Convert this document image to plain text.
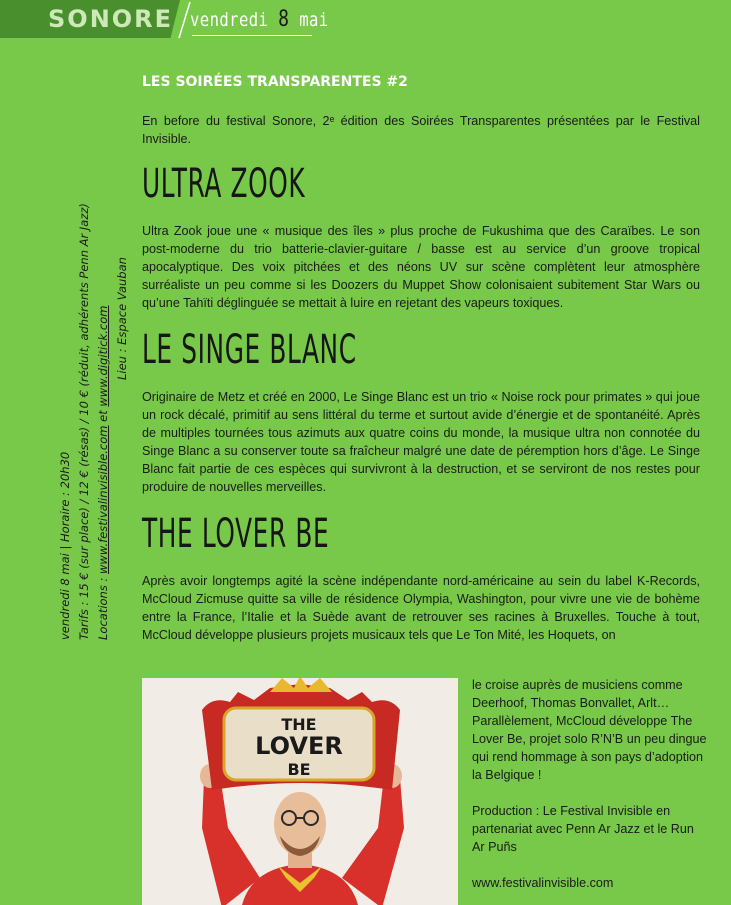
SONORE vendredi 8 mai
vendredi 8 mai | Horaire : 20h30 Tarifs : 15 € (sur place) / 12 € (résas) / 10 € (réduit, adhérents Penn Ar Jazz) Locations : www.festivalinvisible.com et www.digitick.com Lieu : Espace Vauban
LES SOIRÉES TRANSPARENTES #2

En before du festival Sonore, 2ᵉ édition des Soirées Transparentes présentées par le Festival Invisible.

ULTRA ZOOK

Ultra Zook joue une « musique des îles » plus proche de Fukushima que des Caraïbes. Le son post-moderne du trio batterie-clavier-guitare / basse est au service d’un groove tropical apocalyptique. Des voix pitchées et des néons UV sur scène complètent leur atmosphère surréaliste un peu comme si les Doozers du Muppet Show colonisaient subitement Star Wars ou qu’une Tahïti déglinguée se mettait à luire en rejetant des vapeurs toxiques.

LE SINGE BLANC

Originaire de Metz et créé en 2000, Le Singe Blanc est un trio « Noise rock pour primates » qui joue un rock décalé, primitif au sens littéral du terme et surtout avide d’énergie et de spontanéité. Après de multiples tournées tous azimuts aux quatre coins du monde, la musique ultra non connotée du Singe Blanc a su conserver toute sa fraîcheur malgré une date de péremption hors d’âge. Le Singe Blanc fait partie de ces espèces qui survivront à la destruction, et se serviront de nos restes pour produire de nouvelles merveilles.

THE LOVER BE

Après avoir longtemps agité la scène indépendante nord-américaine au sein du label K-Records, McCloud Zicmuse quitte sa ville de résidence Olympia, Washington, pour vivre une vie de bohème entre la France, l’Italie et la Suède avant de retrouver ses racines à Bruxelles. Touche à tout, McCloud développe plusieurs projets musicaux tels que Le Ton Mité, les Hoquets, on

THE
LOVER
BE

le croise auprès de musiciens comme Deerhoof, Thomas Bonvallet, Arlt… Parallèlement, McCloud développe The Lover Be, projet solo R’N’B un peu dingue qui rend hommage à son pays d’adoption la Belgique !

Production : Le Festival Invisible en partenariat avec Penn Ar Jazz et le Run Ar Puñs

www.festivalinvisible.com
